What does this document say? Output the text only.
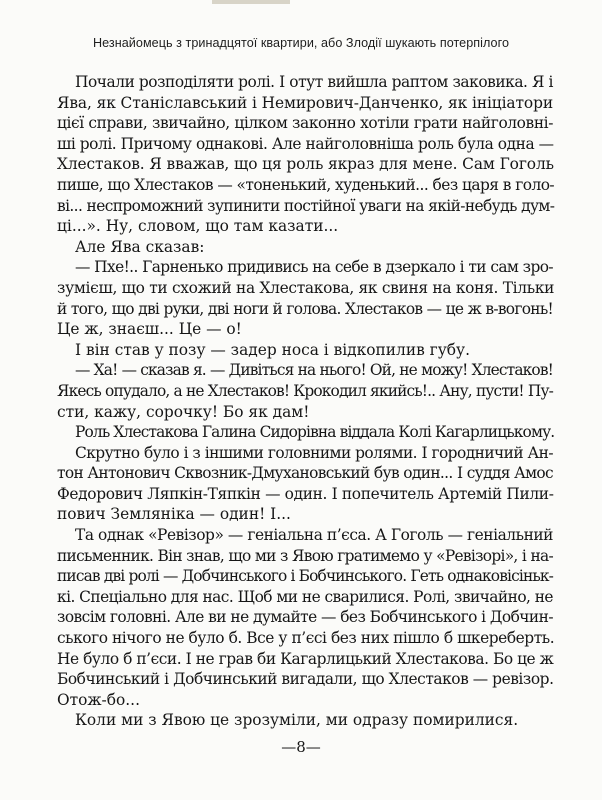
Незнайомець з тринадцятої квартири, або Злодії шукають потерпілого
Почали розподіляти ролі. І отут вийшла раптом заковика. Я і
Ява, як Станіславський і Немирович-Данченко, як ініціатори
цієї справи, звичайно, цілком законно хотіли грати найголовні-
ші ролі. Причому однакові. Але найголовніша роль була одна —
Хлестаков. Я вважав, що ця роль якраз для мене. Сам Гоголь
пише, що Хлестаков — «тоненький, худенький... без царя в голо-
ві... неспроможний зупинити постійної уваги на якій-небудь дум-
ці...». Ну, словом, що там казати...
Але Ява сказав:
— Пхе!.. Гарненько придивись на себе в дзеркало і ти сам зро-
зумієш, що ти схожий на Хлестакова, як свиня на коня. Тільки
й того, що дві руки, дві ноги й голова. Хлестаков — це ж в-вогонь!
Це ж, знаєш... Це — о!
І він став у позу — задер носа і відкопилив губу.
— Ха! — сказав я. — Дивіться на нього! Ой, не можу! Хлестаков!
Якесь опудало, а не Хлестаков! Крокодил якийсь!.. Ану, пусти! Пу-
сти, кажу, сорочку! Бо як дам!
Роль Хлестакова Галина Сидорівна віддала Колі Кагарлицькому.
Скрутно було і з іншими головними ролями. І городничий Ан-
тон Антонович Сквозник-Дмухановський був один... І суддя Амос
Федорович Ляпкін-Тяпкін — один. І попечитель Артемій Пили-
пович Земляніка — один! І...
Та однак «Ревізор» — геніальна п’єса. А Гоголь — геніальний
письменник. Він знав, що ми з Явою гратимемо у «Ревізорі», і на-
писав дві ролі — Добчинського і Бобчинського. Геть однаковісіньк-
кі. Спеціально для нас. Щоб ми не сварилися. Ролі, звичайно, не
зовсім головні. Але ви не думайте — без Бобчинського і Добчин-
ського нічого не було б. Все у п’єсі без них пішло б шкереберть.
Не було б п’єси. І не грав би Кагарлицький Хлестакова. Бо це ж
Бобчинський і Добчинський вигадали, що Хлестаков — ревізор.
Отож-бо...
Коли ми з Явою це зрозуміли, ми одразу помирилися.
—8—
